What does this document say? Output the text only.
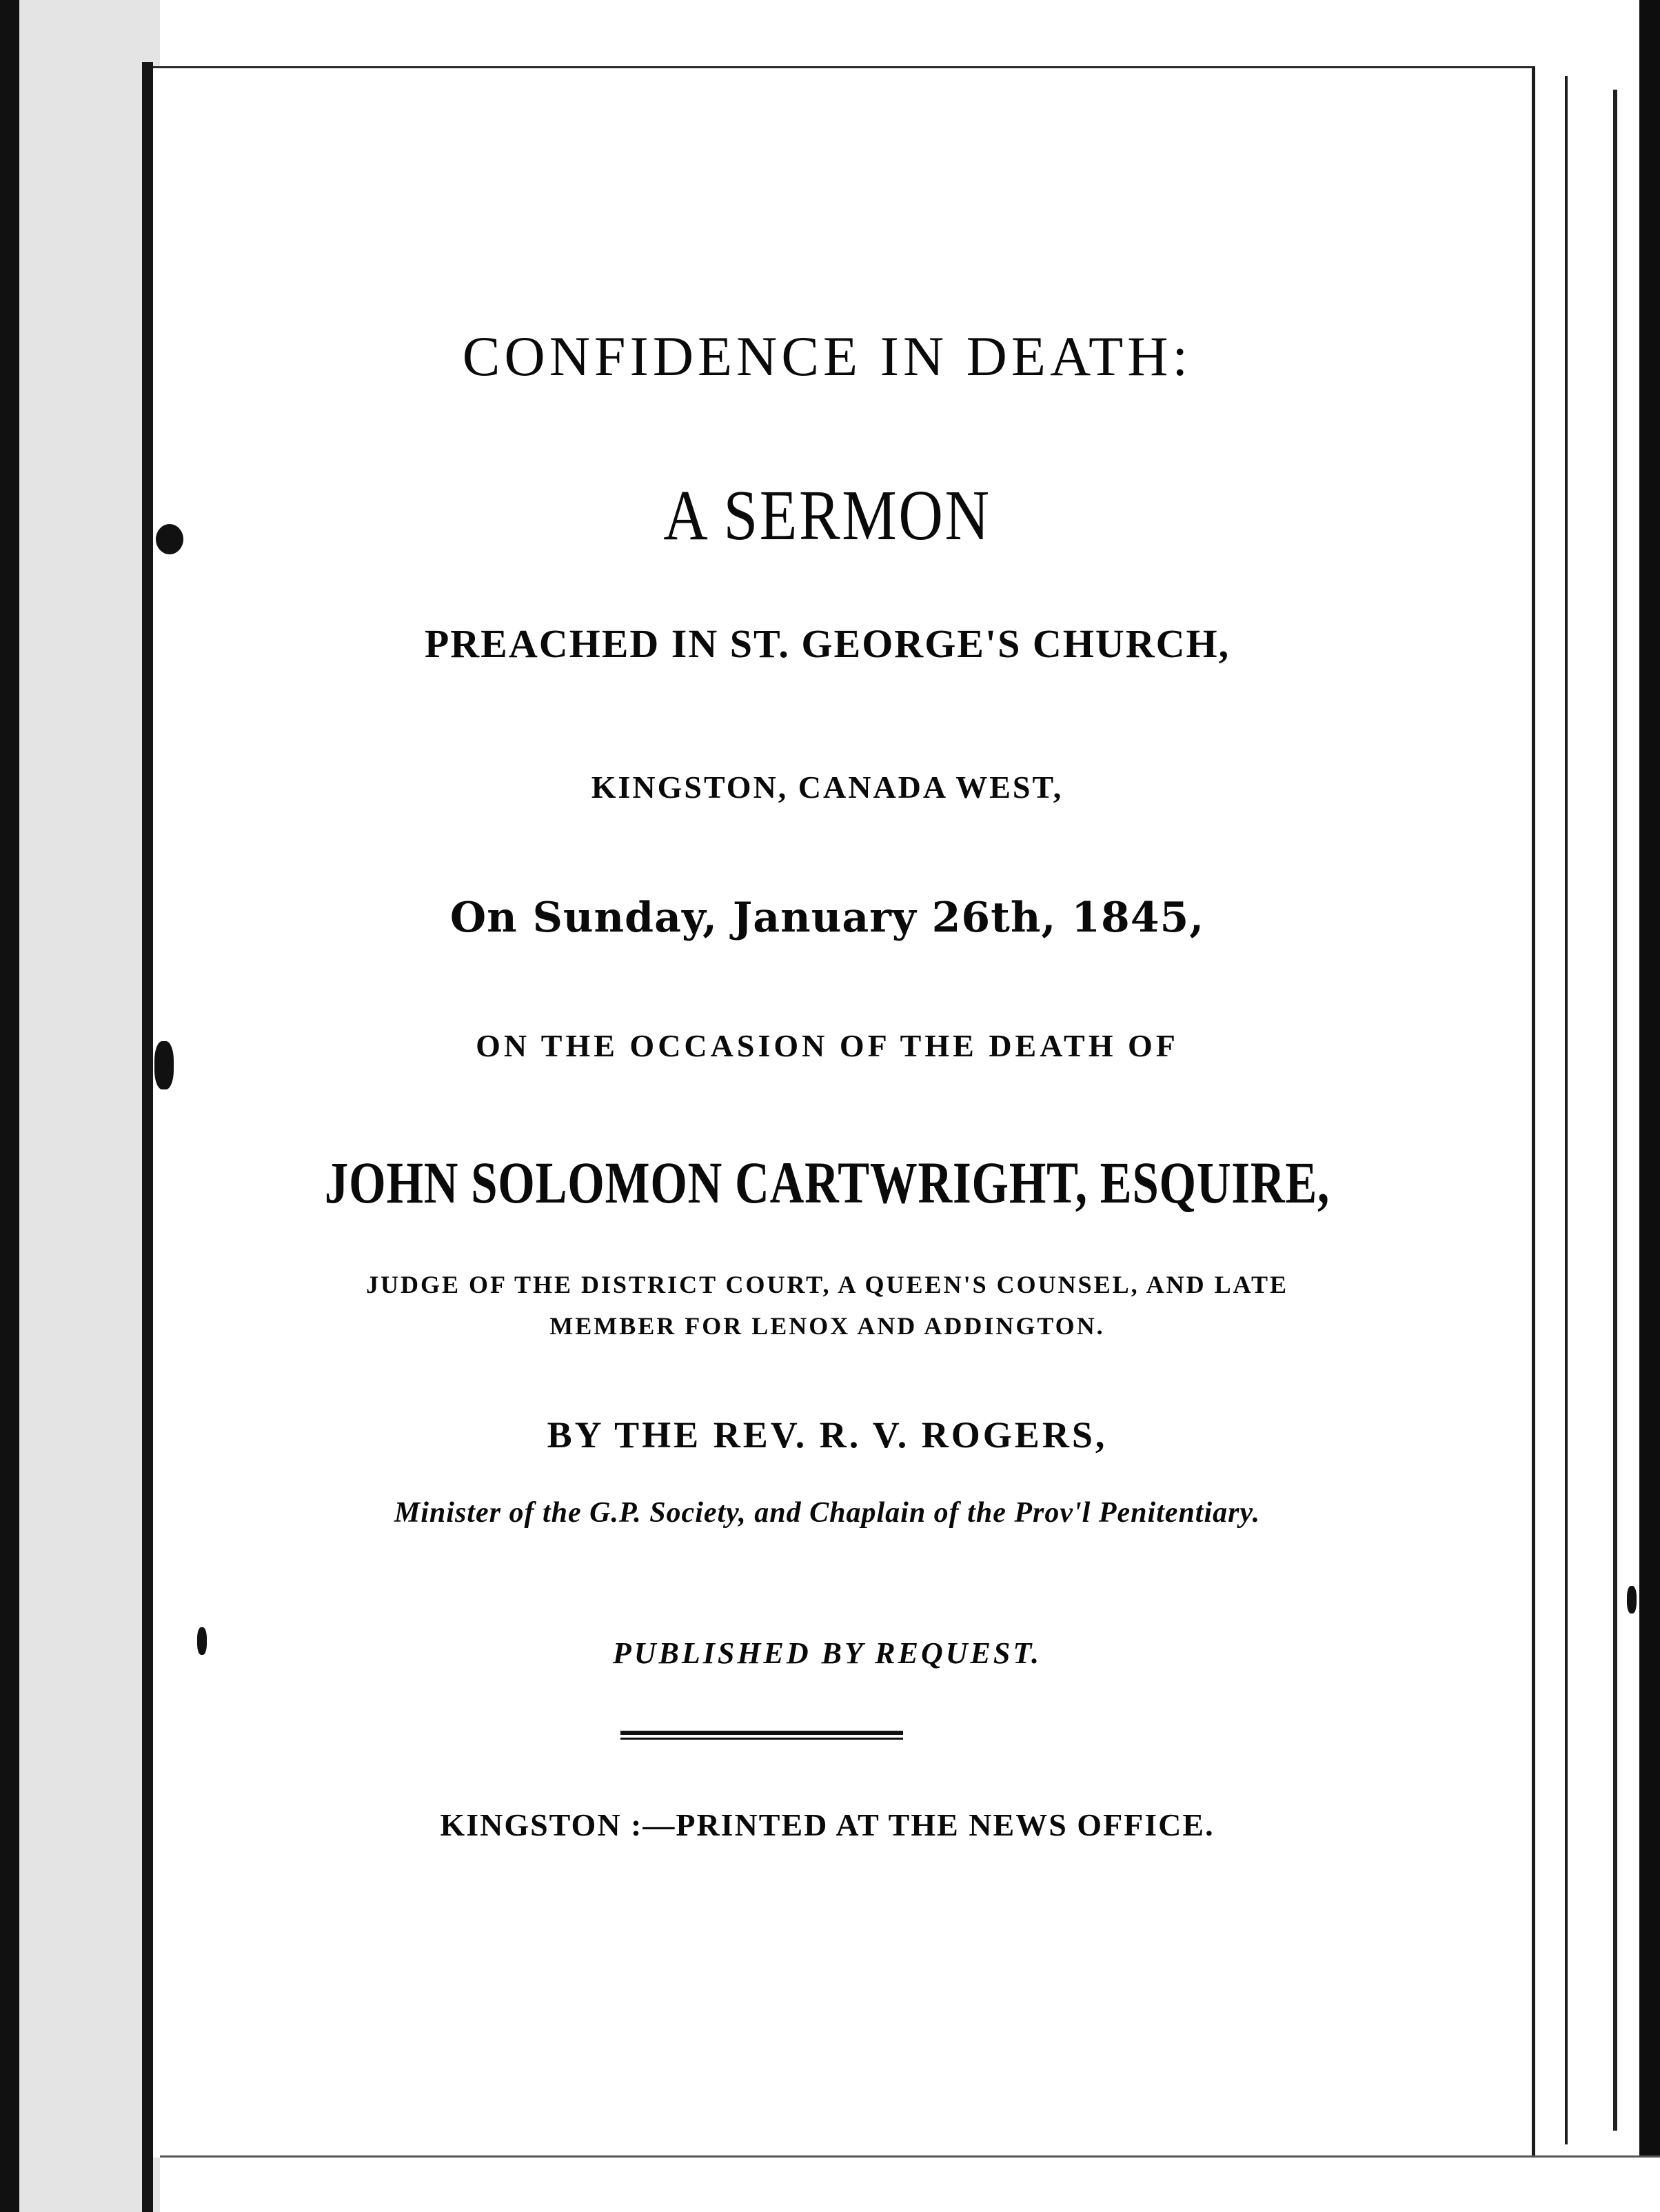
CONFIDENCE IN DEATH:
A SERMON
PREACHED IN ST. GEORGE'S CHURCH,
KINGSTON, CANADA WEST,
On Sunday, January 26th, 1845,
ON THE OCCASION OF THE DEATH OF
JOHN SOLOMON CARTWRIGHT, ESQUIRE,
JUDGE OF THE DISTRICT COURT, A QUEEN'S COUNSEL, AND LATE
MEMBER FOR LENOX AND ADDINGTON.
BY THE REV. R. V. ROGERS,
Minister of the G.P. Society, and Chaplain of the Prov'l Penitentiary.
PUBLISHED BY REQUEST.
KINGSTON :—PRINTED AT THE NEWS OFFICE.
